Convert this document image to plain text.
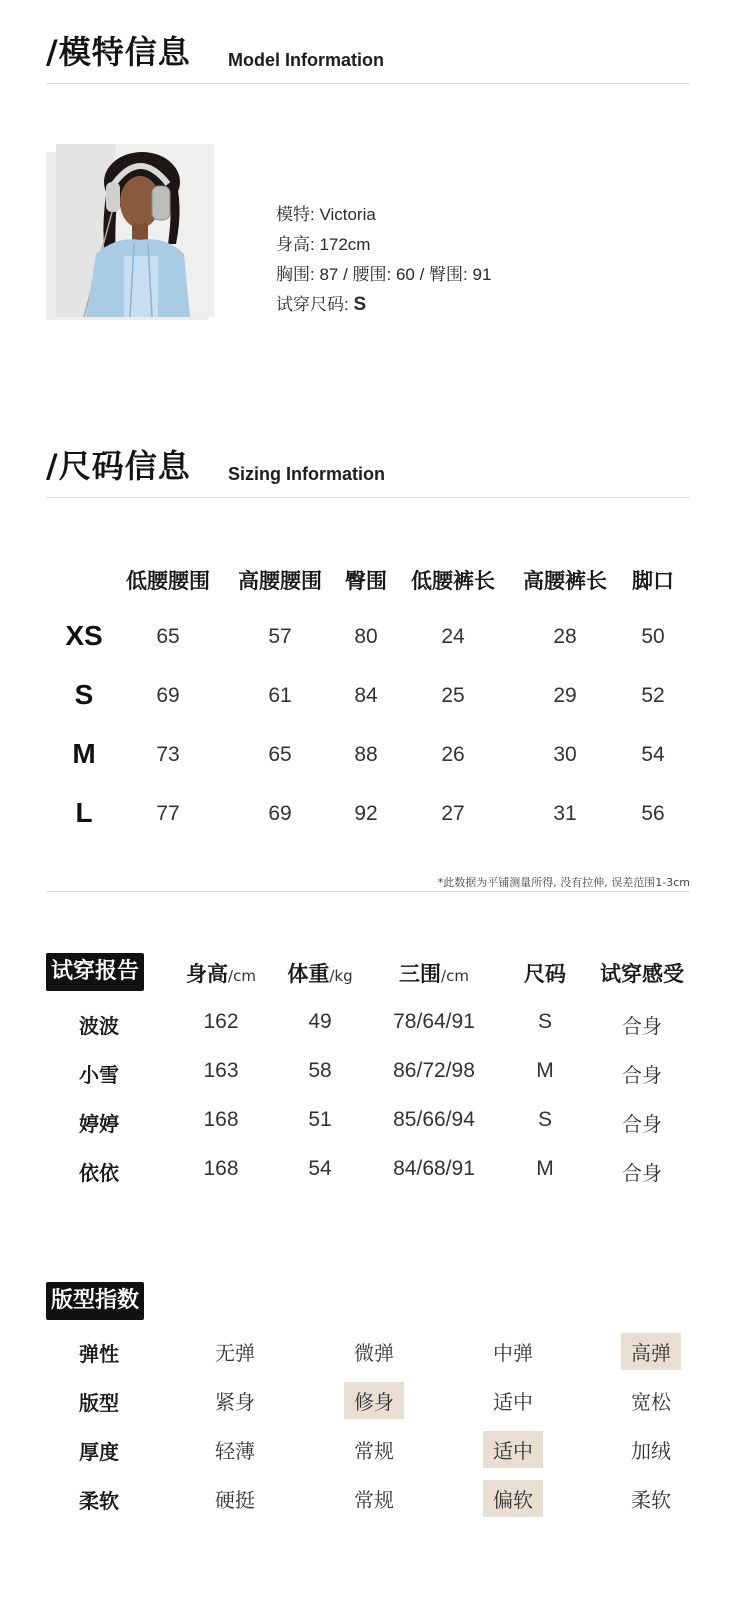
/模特信息 Model Information
模特: Victoria
身高: 172cm
胸围: 87 / 腰围: 60 / 臀围: 91
试穿尺码: S
/尺码信息 Sizing Information
低腰腰围 高腰腰围 臀围 低腰裤长 高腰裤长 脚口
XS	65	57	80	24	28	50
S	69	61	84	25	29	52
M	73	65	88	26	30	54
L	77	69	92	27	31	56
*此数据为平铺测量所得, 没有拉伸, 误差范围1-3cm
试穿报告 身高/cm 体重/kg 三围/cm	尺码 试穿感受
波波	162	49	78/64/91	S	合身
小雪	163	58	86/72/98	M	合身
婷婷	168	51	85/66/94	S	合身
依依	168	54	84/68/91	M	合身
版型指数
弹性	无弹	微弹	中弹	高弹
版型	紧身	修身	适中	宽松
厚度	轻薄	常规	适中	加绒
柔软	硬挺	常规	偏软	柔软
